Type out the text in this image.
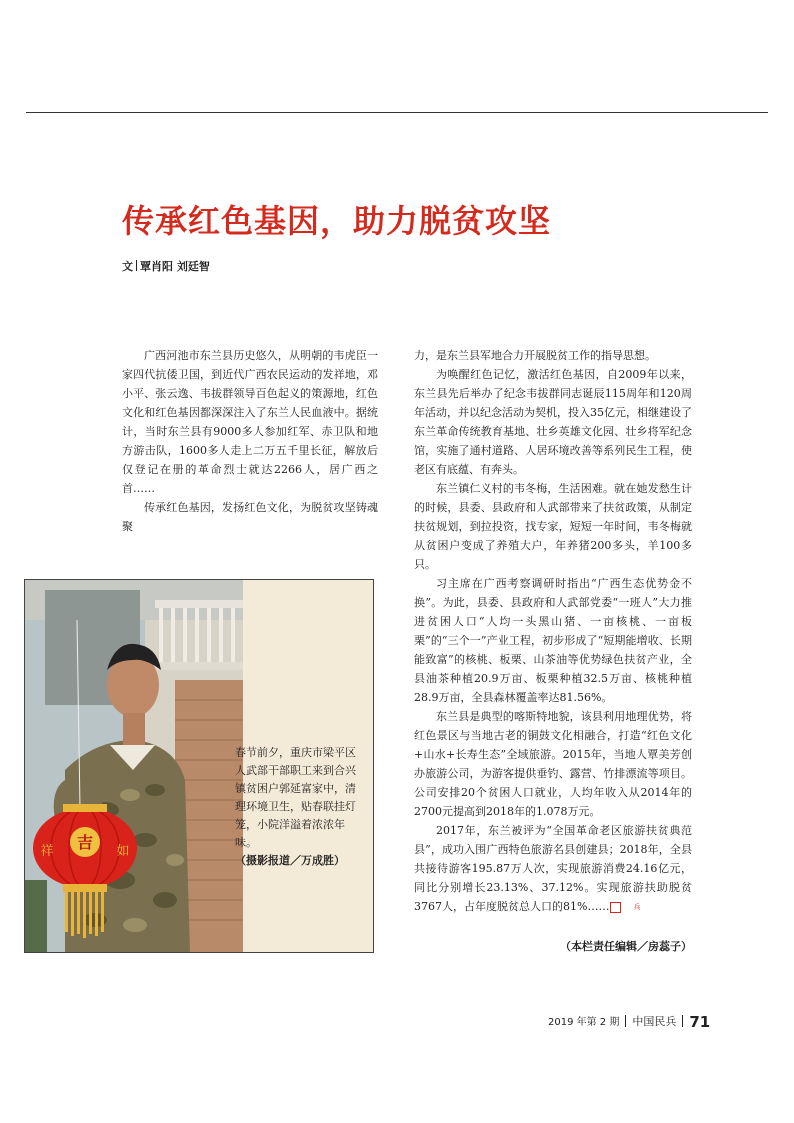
传承红色基因，助力脱贫攻坚
文 覃肖阳 刘廷智

广西河池市东兰县历史悠久，从明朝的韦虎臣一家四代抗倭卫国，到近代广西农民运动的发祥地，邓小平、张云逸、韦拔群领导百色起义的策源地，红色文化和红色基因都深深注入了东兰人民血液中。据统计，当时东兰县有9000多人参加红军、赤卫队和地方游击队，1600多人走上二万五千里长征，解放后仅登记在册的革命烈士就达2266人，居广西之首……

传承红色基因，发扬红色文化，为脱贫攻坚铸魂聚

力，是东兰县军地合力开展脱贫工作的指导思想。

为唤醒红色记忆，激活红色基因，自2009年以来，东兰县先后举办了纪念韦拔群同志诞辰115周年和120周年活动，并以纪念活动为契机，投入35亿元，相继建设了东兰革命传统教育基地、壮乡英雄文化园、壮乡将军纪念馆，实施了通村道路、人居环境改善等系列民生工程，使老区有底蕴、有奔头。

东兰镇仁义村的韦冬梅，生活困难。就在她发愁生计的时候，县委、县政府和人武部带来了扶贫政策，从制定扶贫规划，到拉投资，找专家，短短一年时间，韦冬梅就从贫困户变成了养殖大户，年养猪200多头，羊100多只。

习主席在广西考察调研时指出“广西生态优势金不换”。为此，县委、县政府和人武部党委“一班人”大力推进贫困人口“人均一头黑山猪、一亩核桃、一亩板栗”的“三个一”产业工程，初步形成了“短期能增收、长期能致富”的核桃、板栗、山茶油等优势绿色扶贫产业，全县油茶种植20.9万亩、板栗种植32.5万亩、核桃种植28.9万亩，全县森林覆盖率达81.56%。

东兰县是典型的喀斯特地貌，该县利用地理优势，将红色景区与当地古老的铜鼓文化相融合，打造“红色文化+山水+长寿生态”全域旅游。2015年，当地人覃美芳创办旅游公司，为游客提供垂钓、露营、竹排漂流等项目。公司安排20个贫困人口就业，人均年收入从2014年的2700元提高到2018年的1.078万元。

2017年，东兰被评为“全国革命老区旅游扶贫典范县”，成功入围广西特色旅游名县创建县；2018年，全县共接待游客195.87万人次，实现旅游消费24.16亿元，同比分别增长23.13%、37.12%。实现旅游扶助脱贫3767人，占年度脱贫总人口的81%……	兵

（本栏责任编辑／房蕊子）
吉
祥	如
春节前夕，重庆市梁平区人武部干部职工来到合兴镇贫困户郭延富家中，清理环境卫生，贴春联挂灯笼，小院洋溢着浓浓年味。
（摄影报道／万成胜）
2019 年第 2 期 中国民兵 71
